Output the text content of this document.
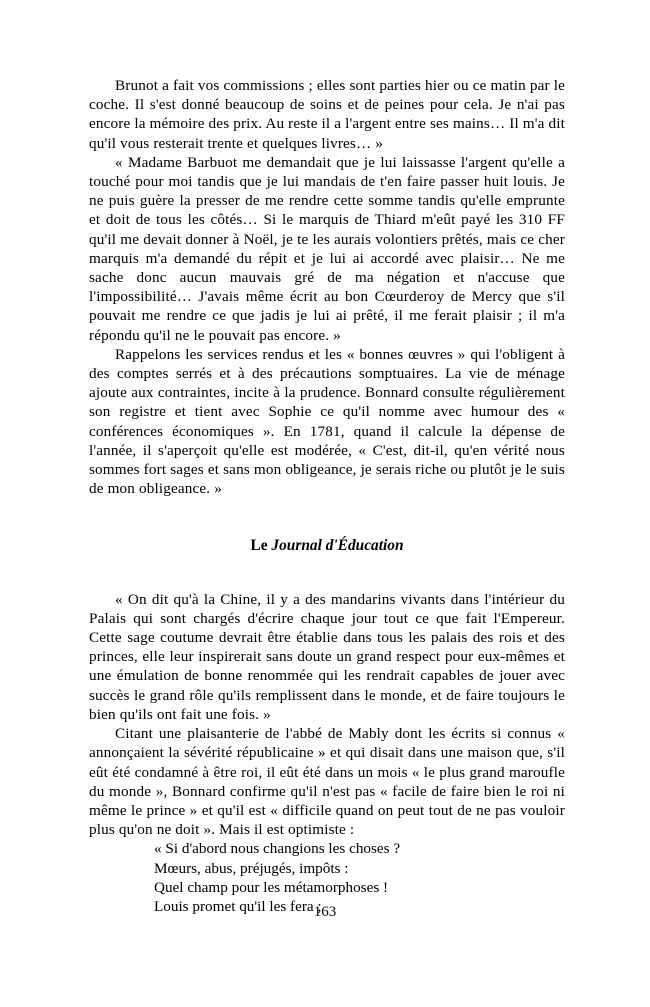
Brunot a fait vos commissions ; elles sont parties hier ou ce matin par le coche. Il s'est donné beaucoup de soins et de peines pour cela. Je n'ai pas encore la mémoire des prix. Au reste il a l'argent entre ses mains… Il m'a dit qu'il vous resterait trente et quelques livres… »

« Madame Barbuot me demandait que je lui laissasse l'argent qu'elle a touché pour moi tandis que je lui mandais de t'en faire passer huit louis. Je ne puis guère la presser de me rendre cette somme tandis qu'elle emprunte et doit de tous les côtés… Si le marquis de Thiard m'eût payé les 310 FF qu'il me devait donner à Noël, je te les aurais volontiers prêtés, mais ce cher marquis m'a demandé du répit et je lui ai accordé avec plaisir… Ne me sache donc aucun mauvais gré de ma négation et n'accuse que l'impossibilité… J'avais même écrit au bon Cœurderoy de Mercy que s'il pouvait me rendre ce que jadis je lui ai prêté, il me ferait plaisir ; il m'a répondu qu'il ne le pouvait pas encore. »

Rappelons les services rendus et les « bonnes œuvres » qui l'obligent à des comptes serrés et à des précautions somptuaires. La vie de ménage ajoute aux contraintes, incite à la prudence. Bonnard consulte régulièrement son registre et tient avec Sophie ce qu'il nomme avec humour des « conférences économiques ». En 1781, quand il calcule la dépense de l'année, il s'aperçoit qu'elle est modérée, « C'est, dit-il, qu'en vérité nous sommes fort sages et sans mon obligeance, je serais riche ou plutôt je le suis de mon obligeance. »

Le Journal d'Éducation

« On dit qu'à la Chine, il y a des mandarins vivants dans l'intérieur du Palais qui sont chargés d'écrire chaque jour tout ce que fait l'Empereur. Cette sage coutume devrait être établie dans tous les palais des rois et des princes, elle leur inspirerait sans doute un grand respect pour eux-mêmes et une émulation de bonne renommée qui les rendrait capables de jouer avec succès le grand rôle qu'ils remplissent dans le monde, et de faire toujours le bien qu'ils ont fait une fois. »

Citant une plaisanterie de l'abbé de Mably dont les écrits si connus « annonçaient la sévérité républicaine » et qui disait dans une maison que, s'il eût été condamné à être roi, il eût été dans un mois « le plus grand maroufle du monde », Bonnard confirme qu'il n'est pas « facile de faire bien le roi ni même le prince » et qu'il est « difficile quand on peut tout de ne pas vouloir plus qu'on ne doit ». Mais il est optimiste :

« Si d'abord nous changions les choses ?
Mœurs, abus, préjugés, impôts :
Quel champ pour les métamorphoses !
Louis promet qu'il les fera ;
163
